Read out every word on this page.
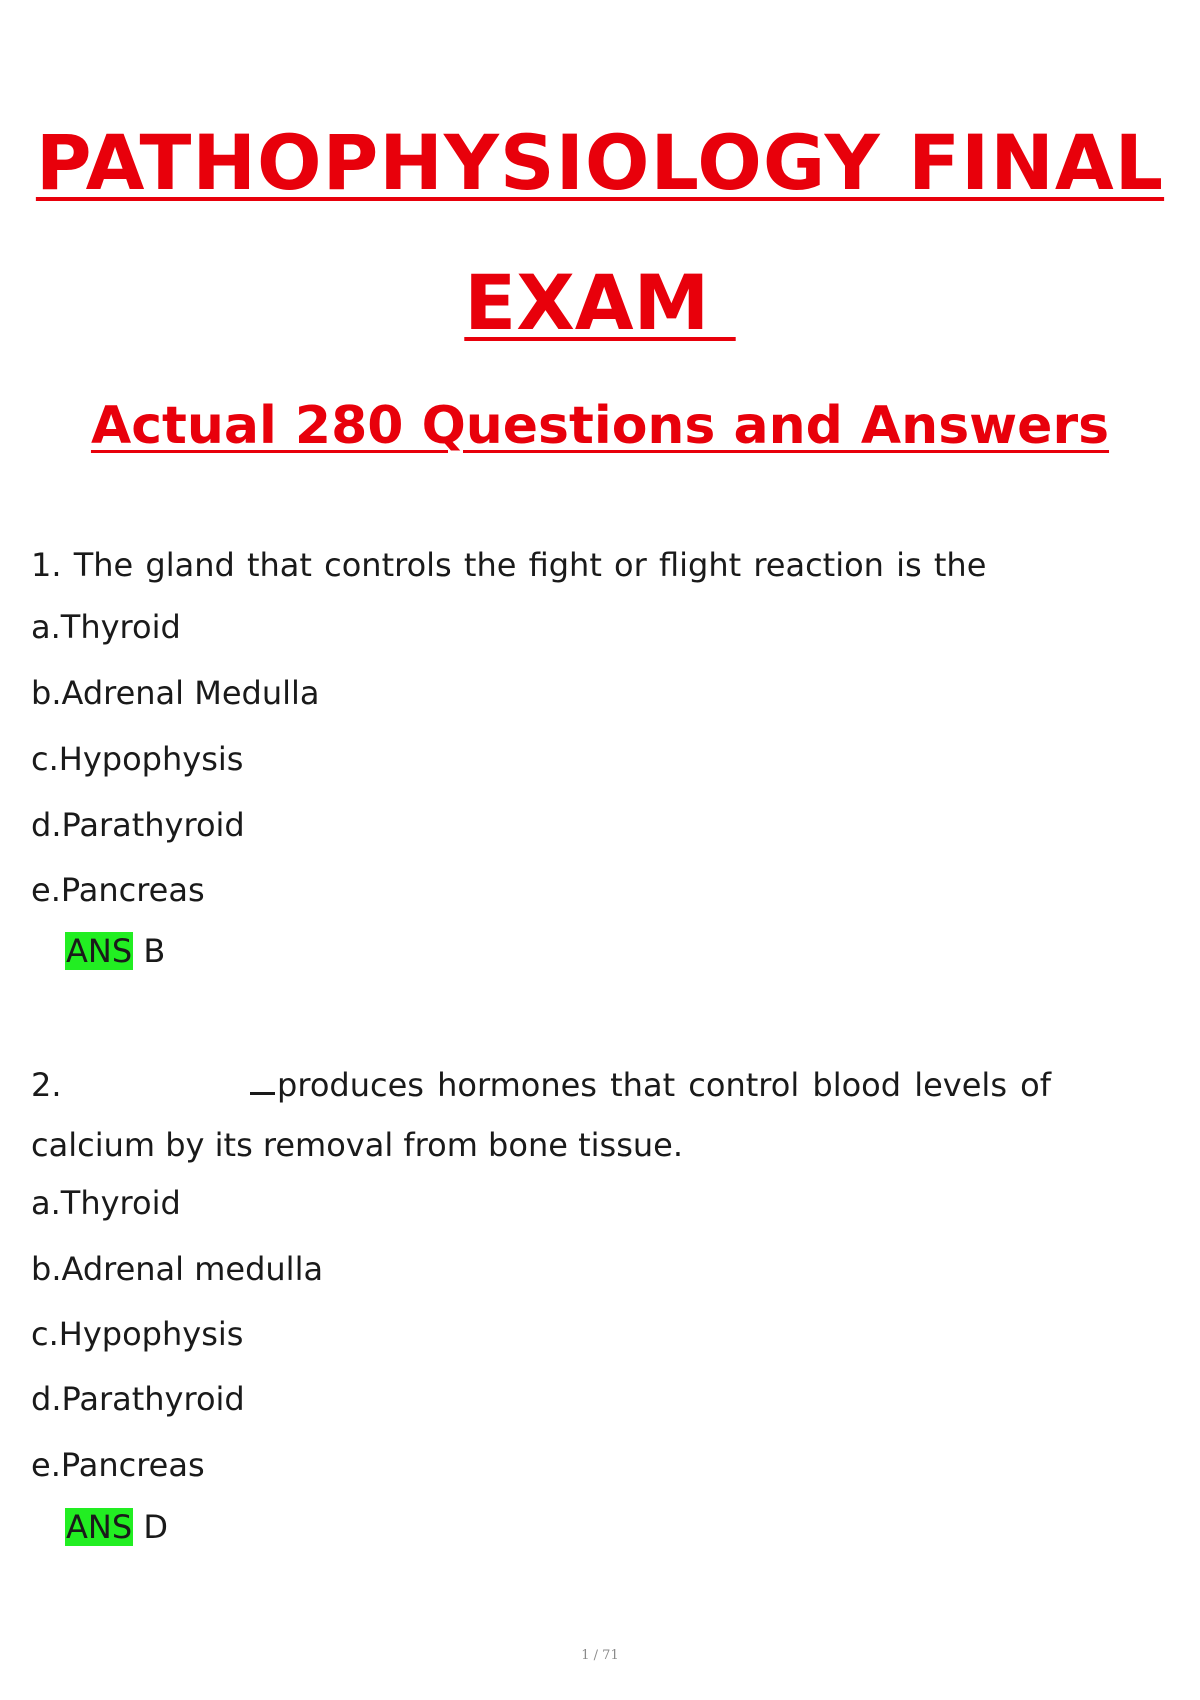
PATHOPHYSIOLOGY FINAL
EXAM
Actual 280 Questions and Answers
1. The gland that controls the fight or flight reaction is the
a.Thyroid
b.Adrenal Medulla
c.Hypophysis
d.Parathyroid
e.Pancreas
ANS B
2.	produces hormones that control blood levels of
calcium by its removal from bone tissue.
a.Thyroid
b.Adrenal medulla
c.Hypophysis
d.Parathyroid
e.Pancreas
ANS D
1 / 71
